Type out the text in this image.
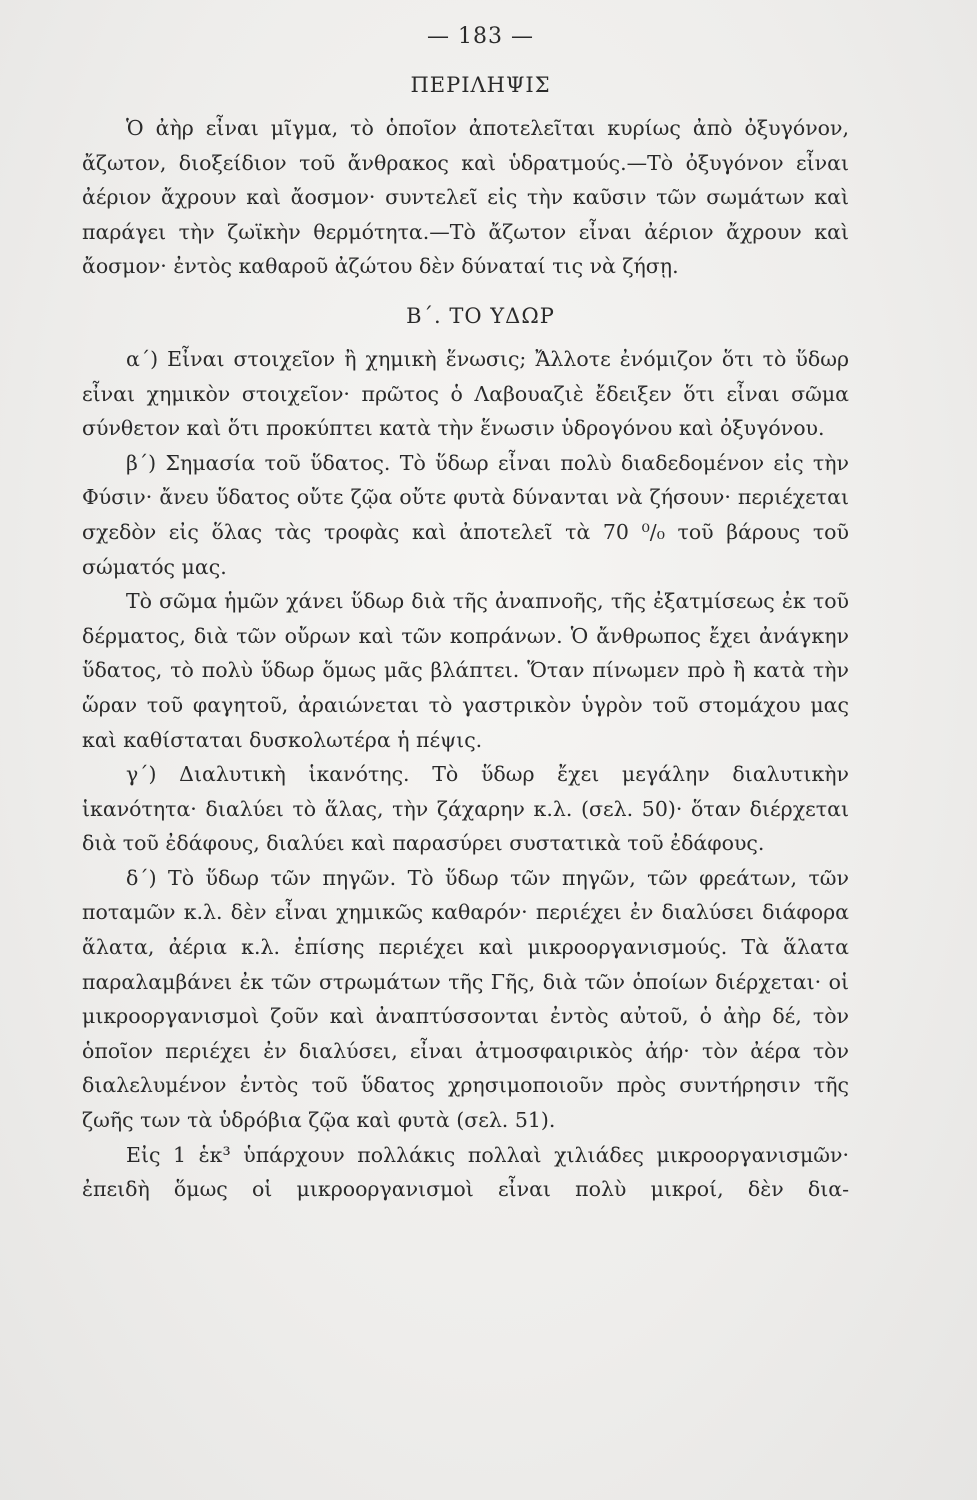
— 183 —
ΠΕΡΙΛΗΨΙΣ

Ὁ ἀὴρ εἶναι μῖγμα, τὸ ὁποῖον ἀποτελεῖται κυρίως ἀπὸ ὀξυγόνον, ἄζωτον, διοξείδιον τοῦ ἄνθρακος καὶ ὑδρατμούς.—Τὸ ὀξυγόνον εἶναι ἀέριον ἄχρουν καὶ ἄοσμον· συντελεῖ εἰς τὴν καῦσιν τῶν σωμάτων καὶ παράγει τὴν ζωϊκὴν θερμότητα.—Τὸ ἄζωτον εἶναι ἀέριον ἄχρουν καὶ ἄοσμον· ἐντὸς καθαροῦ ἀζώτου δὲν δύναταί τις νὰ ζήσῃ.

Β΄. ΤΟ ΥΔΩΡ

α΄) Εἶναι στοιχεῖον ἢ χημικὴ ἕνωσις; Ἄλλοτε ἐνόμιζον ὅτι τὸ ὕδωρ εἶναι χημικὸν στοιχεῖον· πρῶτος ὁ Λαβουαζιὲ ἔδειξεν ὅτι εἶναι σῶμα σύνθετον καὶ ὅτι προκύπτει κατὰ τὴν ἕνωσιν ὑδρογόνου καὶ ὀξυγόνου.

β΄) Σημασία τοῦ ὕδατος. Τὸ ὕδωρ εἶναι πολὺ διαδεδομένον εἰς τὴν Φύσιν· ἄνευ ὕδατος οὔτε ζῷα οὔτε φυτὰ δύνανται νὰ ζήσουν· περιέχεται σχεδὸν εἰς ὅλας τὰς τροφὰς καὶ ἀποτελεῖ τὰ 70 ⁰/₀ τοῦ βάρους τοῦ σώματός μας.

Τὸ σῶμα ἡμῶν χάνει ὕδωρ διὰ τῆς ἀναπνοῆς, τῆς ἐξατμίσεως ἐκ τοῦ δέρματος, διὰ τῶν οὔρων καὶ τῶν κοπράνων. Ὁ ἄνθρωπος ἔχει ἀνάγκην ὕδατος, τὸ πολὺ ὕδωρ ὅμως μᾶς βλάπτει. Ὅταν πίνωμεν πρὸ ἢ κατὰ τὴν ὥραν τοῦ φαγητοῦ, ἀραιώνεται τὸ γαστρικὸν ὑγρὸν τοῦ στομάχου μας καὶ καθίσταται δυσκολωτέρα ἡ πέψις.

γ΄) Διαλυτικὴ ἱκανότης. Τὸ ὕδωρ ἔχει μεγάλην διαλυτικὴν ἱκανότητα· διαλύει τὸ ἅλας, τὴν ζάχαρην κ.λ. (σελ. 50)· ὅταν διέρχεται διὰ τοῦ ἐδάφους, διαλύει καὶ παρασύρει συστατικὰ τοῦ ἐδάφους.

δ΄) Τὸ ὕδωρ τῶν πηγῶν. Τὸ ὕδωρ τῶν πηγῶν, τῶν φρεάτων, τῶν ποταμῶν κ.λ. δὲν εἶναι χημικῶς καθαρόν· περιέχει ἐν διαλύσει διάφορα ἅλατα, ἀέρια κ.λ. ἐπίσης περιέχει καὶ μικροοργανισμούς. Τὰ ἅλατα παραλαμβάνει ἐκ τῶν στρωμάτων τῆς Γῆς, διὰ τῶν ὁποίων διέρχεται· οἱ μικροοργανισμοὶ ζοῦν καὶ ἀναπτύσσονται ἐντὸς αὐτοῦ, ὁ ἀὴρ δέ, τὸν ὁποῖον περιέχει ἐν διαλύσει, εἶναι ἀτμοσφαιρικὸς ἀήρ· τὸν ἀέρα τὸν διαλελυμένον ἐντὸς τοῦ ὕδατος χρησιμοποιοῦν πρὸς συντήρησιν τῆς ζωῆς των τὰ ὑδρόβια ζῷα καὶ φυτὰ (σελ. 51).

Εἰς 1 ἑκ³ ὑπάρχουν πολλάκις πολλαὶ χιλιάδες μικροοργανισμῶν· ἐπειδὴ ὅμως οἱ μικροοργανισμοὶ εἶναι πολὺ μικροί, δὲν δια-
